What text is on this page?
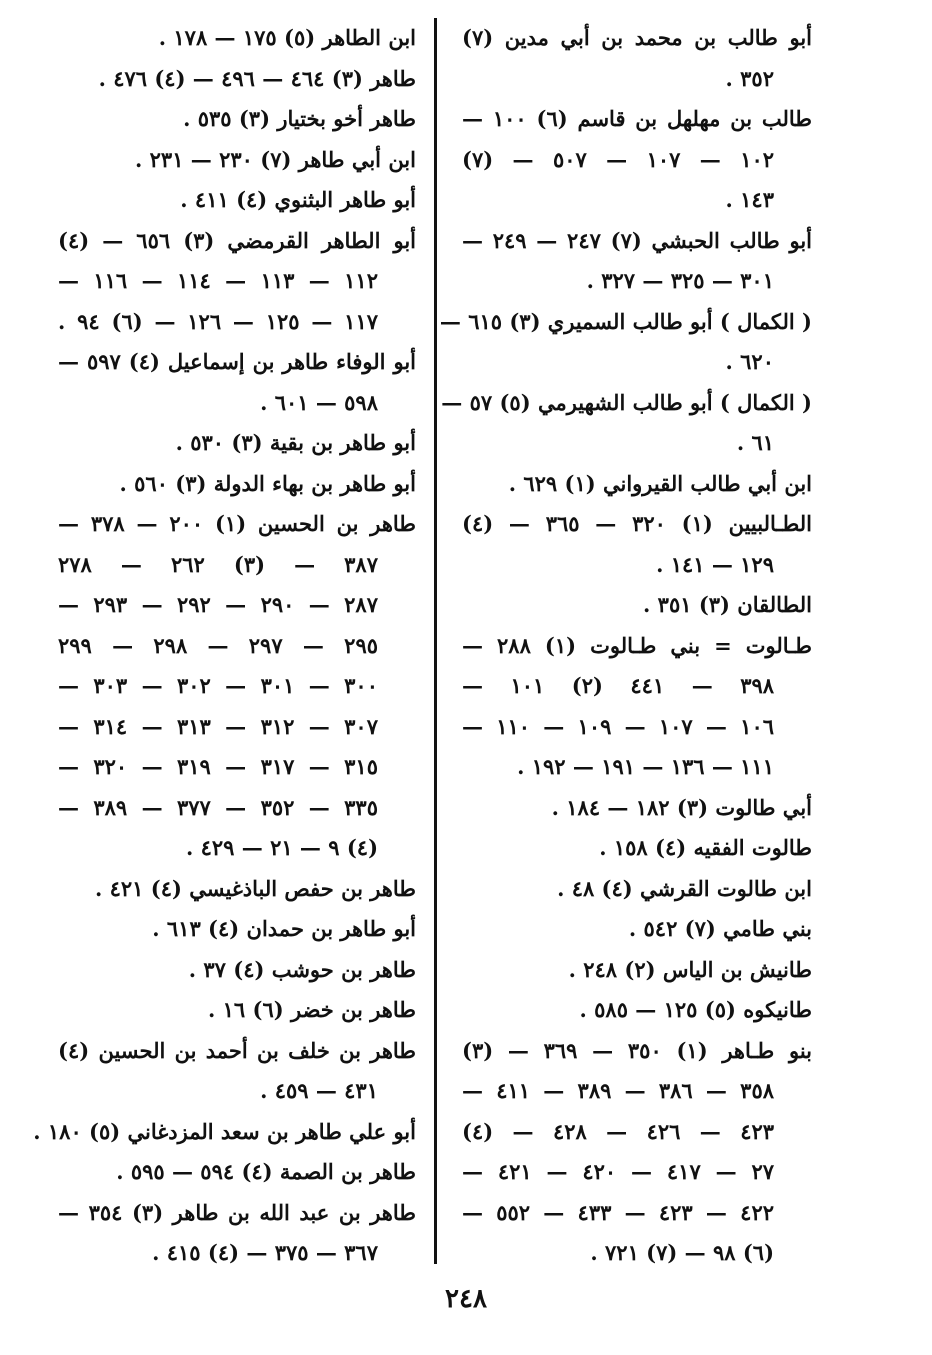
أبو طالب بن محمد بن أبي مدين (٧)
٣٥٢ .
طالب بن مهلهل بن قاسم (٦) ١٠٠ —
١٠٢ — ١٠٧ — ٥٠٧ — (٧)
١٤٣ .
أبو طالب الحبشي (٧) ٢٤٧ — ٢٤٩ —
٣٠١ — ٣٢٥ — ٣٢٧ .
( الكمال ) أبو طالب السميري (٣) ٦١٥ —
٦٢٠ .
( الكمال ) أبو طالب الشهيرمي (٥) ٥٧ —
٦١ .
ابن أبي طالب القيرواني (١) ٦٢٩ .
الطـالبيين (١) ٣٢٠ — ٣٦٥ — (٤)
١٢٩ — ١٤١ .
الطالقان (٣) ٣٥١ .
طـالوت = بني طـالوت (١) ٢٨٨ —
٣٩٨ — ٤٤١ (٢) ١٠١ —
١٠٦ — ١٠٧ — ١٠٩ — ١١٠ —
١١١ — ١٣٦ — ١٩١ — ١٩٢ .
أبي طالوت (٣) ١٨٢ — ١٨٤ .
طالوت الفقيه (٤) ١٥٨ .
ابن طالوت القرشي (٤) ٤٨ .
بني طامي (٧) ٥٤٢ .
طانيش بن الياس (٢) ٢٤٨ .
طانيكوه (٥) ١٢٥ — ٥٨٥ .
بنو طـاهر (١) ٣٥٠ — ٣٦٩ — (٣)
٣٥٨ — ٣٨٦ — ٣٨٩ — ٤١١ —
٤٢٣ — ٤٢٦ — ٤٢٨ — (٤)
٢٧ — ٤١٧ — ٤٢٠ — ٤٢١ —
٤٢٢ — ٤٢٣ — ٤٣٣ — ٥٥٢ —
(٦) ٩٨ — (٧) ٧٢١ .
ابن الطاهر (٥) ١٧٥ — ١٧٨ .
طاهر (٣) ٤٦٤ — ٤٩٦ — (٤) ٤٧٦ .
طاهر أخو بختيار (٣) ٥٣٥ .
ابن أبي طاهر (٧) ٢٣٠ — ٢٣١ .
أبو طاهر البثنوي (٤) ٤١١ .
أبو الطاهر القرمضي (٣) ٦٥٦ — (٤)
١١٢ — ١١٣ — ١١٤ — ١١٦ —
١١٧ — ١٢٥ — ١٢٦ — (٦) ٩٤ .
أبو الوفاء طاهر بن إسماعيل (٤) ٥٩٧ —
٥٩٨ — ٦٠١ .
أبو طاهر بن بقية (٣) ٥٣٠ .
أبو طاهر بن بهاء الدولة (٣) ٥٦٠ .
طاهر بن الحسين (١) ٢٠٠ — ٣٧٨ —
٣٨٧ — (٣) ٢٦٢ — ٢٧٨
٢٨٧ — ٢٩٠ — ٢٩٢ — ٢٩٣ —
٢٩٥ — ٢٩٧ — ٢٩٨ — ٢٩٩
٣٠٠ — ٣٠١ — ٣٠٢ — ٣٠٣ —
٣٠٧ — ٣١٢ — ٣١٣ — ٣١٤ —
٣١٥ — ٣١٧ — ٣١٩ — ٣٢٠ —
٣٣٥ — ٣٥٢ — ٣٧٧ — ٣٨٩ —
(٤) ٩ — ٢١ — ٤٢٩ .
طاهر بن حفص الباذغيسي (٤) ٤٢١ .
أبو طاهر بن حمدان (٤) ٦١٣ .
طاهر بن حوشب (٤) ٣٧ .
طاهر بن خضر (٦) ١٦ .
طاهر بن خلف بن أحمد بن الحسين (٤)
٤٣١ — ٤٥٩ .
أبو علي طاهر بن سعد المزدغاني (٥) ١٨٠ .
طاهر بن الصمة (٤) ٥٩٤ — ٥٩٥ .
طاهر بن عبد الله بن طاهر (٣) ٣٥٤ —
٣٦٧ — ٣٧٥ — (٤) ٤١٥ .
٢٤٨
